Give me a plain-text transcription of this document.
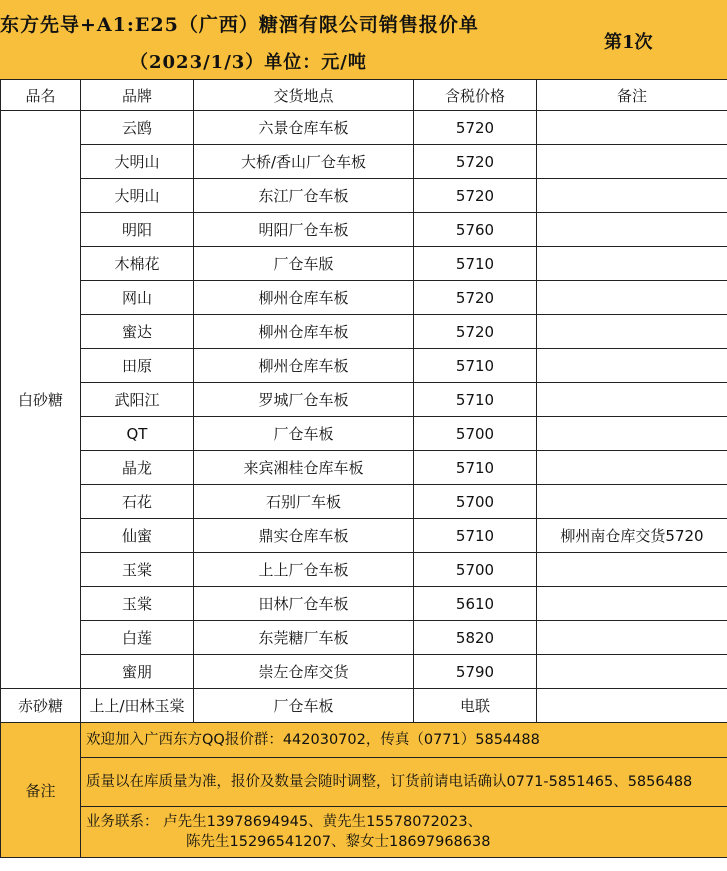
东方先导+A1:E25（广西）糖酒有限公司销售报价单
（2023/1/3）单位：元/吨
第1次
品名	品牌	交货地点	含税价格	备注
白砂糖	云鸥	六景仓库车板	5720	
	大明山	大桥/香山厂仓车板	5720	
	大明山	东江厂仓车板	5720	
	明阳	明阳厂仓车板	5760	
	木棉花	厂仓车版	5710	
	网山	柳州仓库车板	5720	
	蜜达	柳州仓库车板	5720	
	田原	柳州仓库车板	5710	
	武阳江	罗城厂仓车板	5710	
	QT	厂仓车板	5700	
	晶龙	来宾湘桂仓库车板	5710	
	石花	石别厂车板	5700	
	仙蜜	鼎实仓库车板	5710	柳州南仓库交货5720
	玉棠	上上厂仓车板	5700	
	玉棠	田林厂仓车板	5610	
	白莲	东莞糖厂车板	5820	
	蜜朋	崇左仓库交货	5790	
赤砂糖	上上/田林玉棠	厂仓车板	电联	
备注	欢迎加入广西东方QQ报价群：442030702，传真（0771）5854488			
	质量以在库质量为准，报价及数量会随时调整，订货前请电话确认0771-5851465、5856488			
	业务联系： 卢先生13978694945、黄先生15578072023、
陈先生15296541207、黎女士18697968638			
